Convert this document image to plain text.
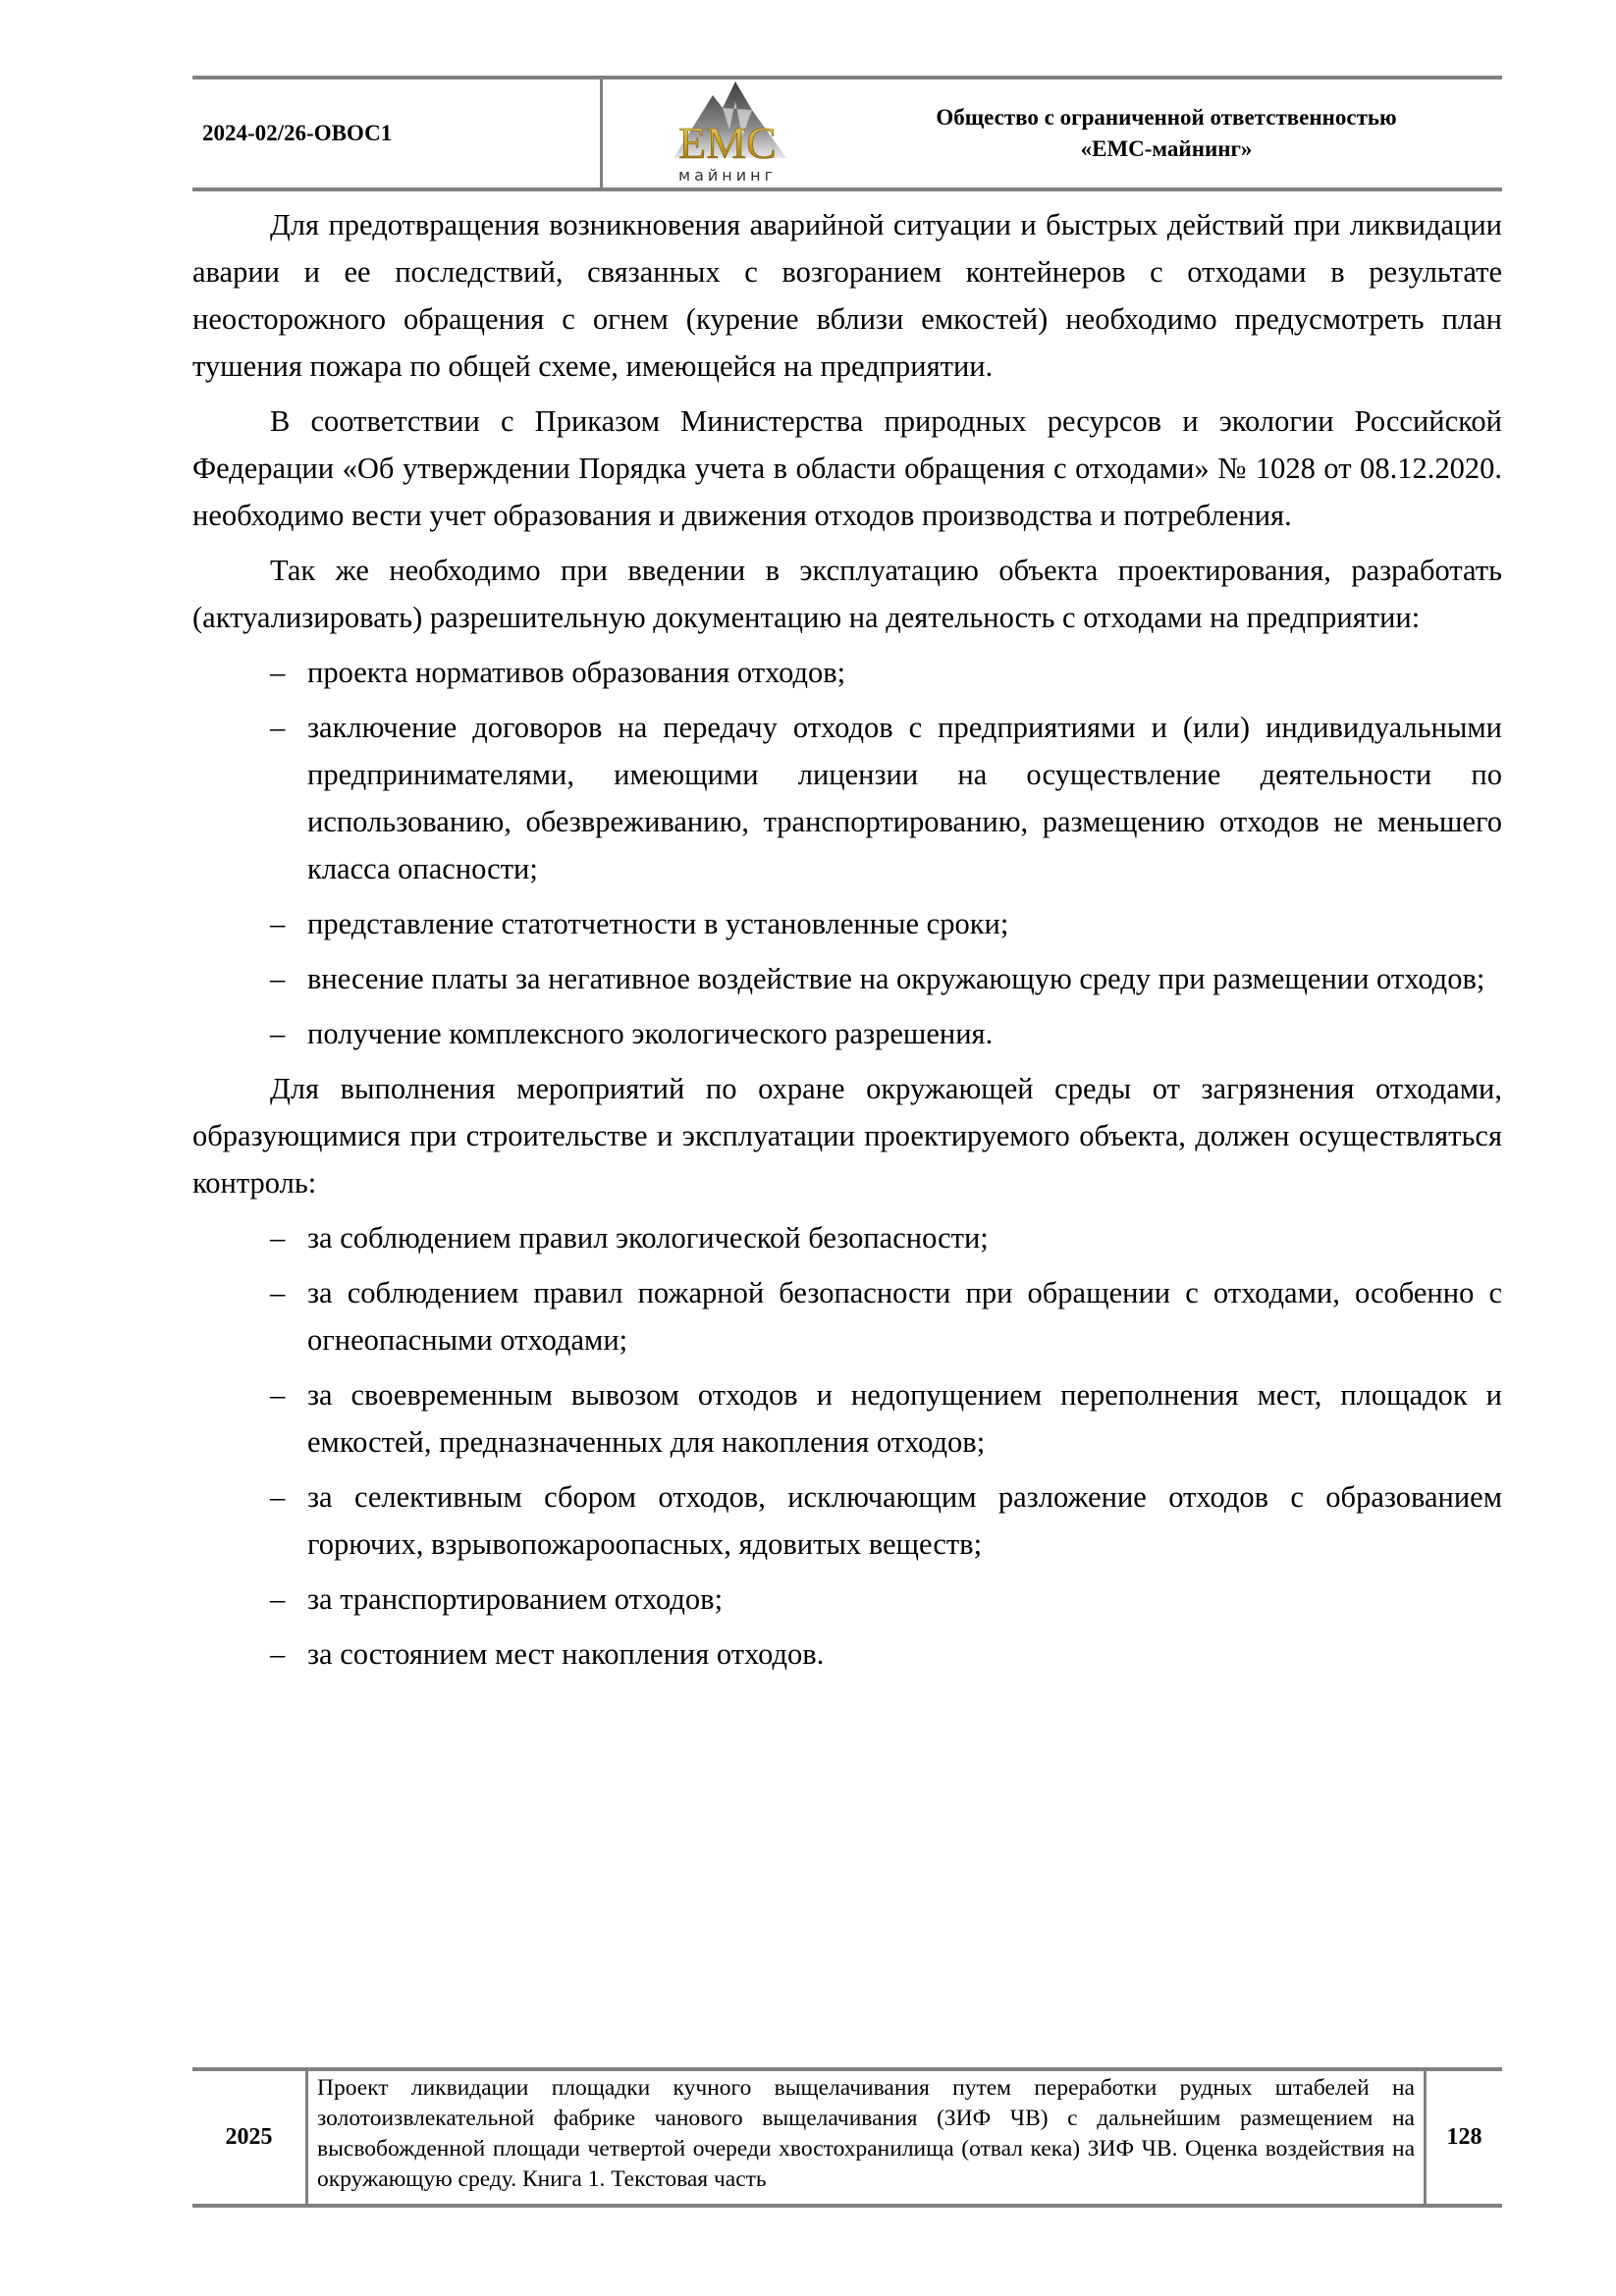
2024-02/26-ОВОС1	ЕМС
майнинг
Общество с ограниченной ответственностью
«ЕМС-майнинг»

Для предотвращения возникновения аварийной ситуации и быстрых действий при ликвидации аварии и ее последствий, связанных с возгоранием контейнеров с отходами в результате неосторожного обращения с огнем (курение вблизи емкостей) необходимо предусмотреть план тушения пожара по общей схеме, имеющейся на предприятии.

В соответствии с Приказом Министерства природных ресурсов и экологии Российской Федерации «Об утверждении Порядка учета в области обращения с отходами» № 1028 от 08.12.2020. необходимо вести учет образования и движения отходов производства и потребления.

Так же необходимо при введении в эксплуатацию объекта проектирования, разработать (актуализировать) разрешительную документацию на деятельность с отходами на предприятии:

– проекта нормативов образования отходов;
– заключение договоров на передачу отходов с предприятиями и (или) индивидуальными предпринимателями, имеющими лицензии на осуществление деятельности по использованию, обезвреживанию, транспортированию, размещению отходов не меньшего класса опасности;
– представление статотчетности в установленные сроки;
– внесение платы за негативное воздействие на окружающую среду при размещении отходов;
– получение комплексного экологического разрешения.

Для выполнения мероприятий по охране окружающей среды от загрязнения отходами, образующимися при строительстве и эксплуатации проектируемого объекта, должен осуществляться контроль:

– за соблюдением правил экологической безопасности;
– за соблюдением правил пожарной безопасности при обращении с отходами, особенно с огнеопасными отходами;
– за своевременным вывозом отходов и недопущением переполнения мест, площадок и емкостей, предназначенных для накопления отходов;
– за селективным сбором отходов, исключающим разложение отходов с образованием горючих, взрывопожароопасных, ядовитых веществ;
– за транспортированием отходов;
– за состоянием мест накопления отходов.
2025
Проект ликвидации площадки кучного выщелачивания путем переработки рудных штабелей на золотоизвлекательной фабрике чанового выщелачивания (ЗИФ ЧВ) с дальнейшим размещением на высвобожденной площади четвертой очереди хвостохранилища (отвал кека) ЗИФ ЧВ. Оценка воздействия на окружающую среду. Книга 1. Текстовая часть
128
